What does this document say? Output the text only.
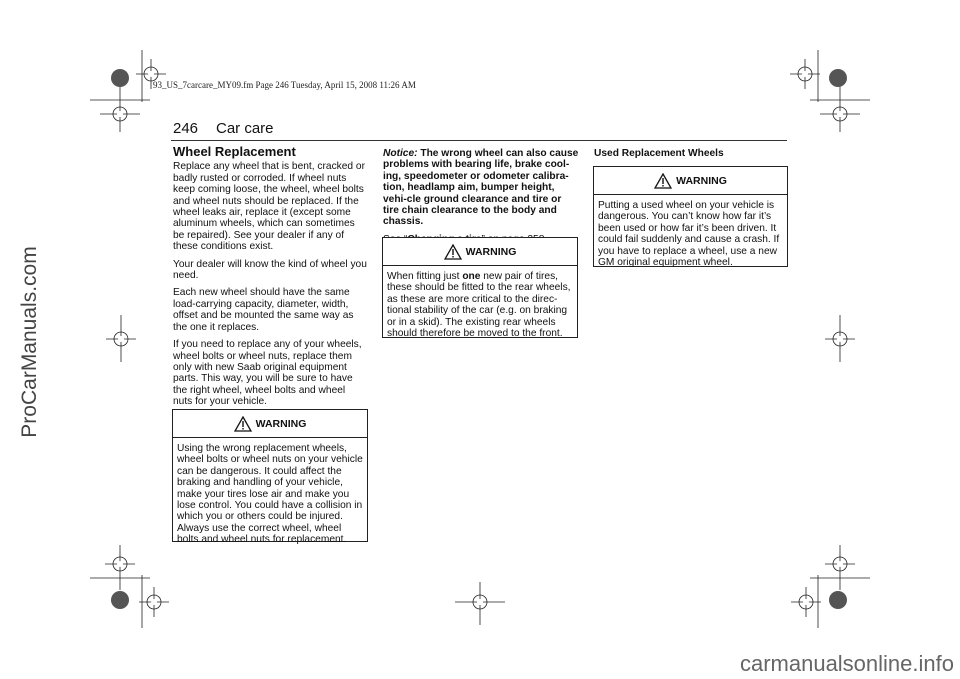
93_US_7carcare_MY09.fm Page 246 Tuesday, April 15, 2008 11:26 AM
246 Car care
Wheel Replacement

Replace any wheel that is bent, cracked or badly rusted or corroded. If wheel nuts keep coming loose, the wheel, wheel bolts and wheel nuts should be replaced. If the wheel leaks air, replace it (except some aluminum wheels, which can sometimes be repaired). See your dealer if any of these conditions exist.

Your dealer will know the kind of wheel you need.

Each new wheel should have the same load-carrying capacity, diameter, width, offset and be mounted the same way as the one it replaces.

If you need to replace any of your wheels, wheel bolts or wheel nuts, replace them only with new Saab original equipment parts. This way, you will be sure to have the right wheel, wheel bolts and wheel nuts for your vehicle.

WARNING
Using the wrong replacement wheels, wheel bolts or wheel nuts on your vehicle can be dangerous. It could affect the braking and handling of your vehicle, make your tires lose air and make you lose control. You could have a collision in which you or others could be injured. Always use the correct wheel, wheel bolts and wheel nuts for replacement.

Notice: The wrong wheel can also cause problems with bearing life, brake cool-ing, speedometer or odometer calibra-tion, headlamp aim, bumper height, vehi-cle ground clearance and tire or tire chain clearance to the body and chassis.

WARNING
When fitting just one new pair of tires, these should be fitted to the rear wheels, as these are more critical to the direc-tional stability of the car (e.g. on braking or in a skid). The existing rear wheels should therefore be moved to the front.
Used Replacement Wheels
WARNING
Putting a used wheel on your vehicle is dangerous. You can’t know how far it’s been used or how far it’s been driven. It could fail suddenly and cause a crash. If you have to replace a wheel, use a new GM original equipment wheel.
ProCarManuals.com
carmanualsonline.info
